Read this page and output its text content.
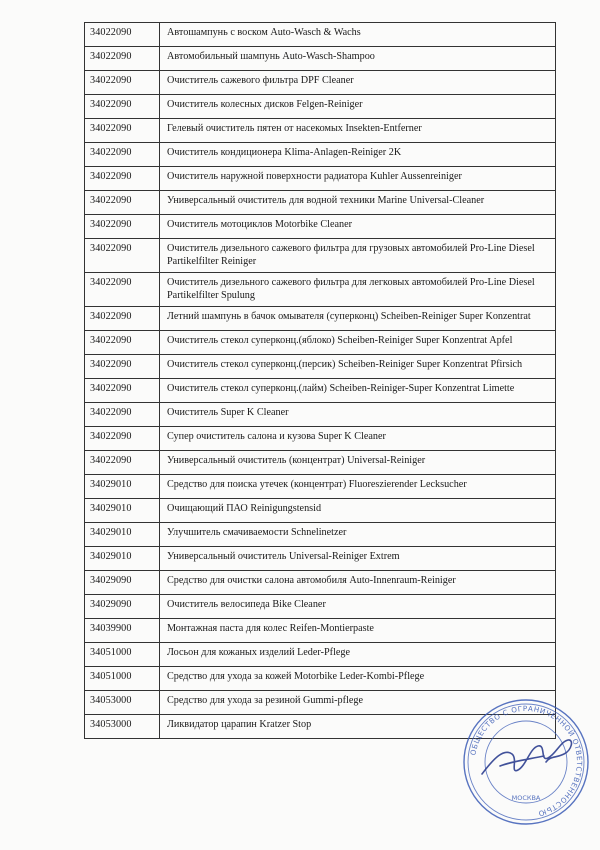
34022090	Автошампунь с воском Auto-Wasch & Wachs
34022090	Автомобильный шампунь Auto-Wasch-Shampoo
34022090	Очиститель сажевого фильтра DPF Cleaner
34022090	Очиститель колесных дисков Felgen-Reiniger
34022090	Гелевый очиститель пятен от насекомых Insekten-Entferner
34022090	Очиститель кондиционера Klima-Anlagen-Reiniger 2K
34022090	Очиститель наружной поверхности радиатора Kuhler Aussenreiniger
34022090	Универсальный очиститель для водной техники Marine Universal-Cleaner
34022090	Очиститель мотоциклов Motorbike Cleaner
34022090	Очиститель дизельного сажевого фильтра для грузовых автомобилей Pro-Line Diesel Partikelfilter Reiniger
34022090	Очиститель дизельного сажевого фильтра для легковых автомобилей Pro-Line Diesel Partikelfilter Spulung
34022090	Летний шампунь в бачок омывателя (суперконц) Scheiben-Reiniger Super Konzentrat
34022090	Очиститель стекол суперконц.(яблоко) Scheiben-Reiniger Super Konzentrat Apfel
34022090	Очиститель стекол суперконц.(персик) Scheiben-Reiniger Super Konzentrat Pfirsich
34022090	Очиститель стекол суперконц.(лайм) Scheiben-Reiniger-Super Konzentrat Limette
34022090	Очиститель Super K Cleaner
34022090	Супер очиститель салона и кузова Super K Cleaner
34022090	Универсальный очиститель (концентрат) Universal-Reiniger
34029010	Средство для поиска утечек (концентрат) Fluoreszierender Lecksucher
34029010	Очищающий ПАО Reinigungstensid
34029010	Улучшитель смачиваемости Schnelinetzer
34029010	Универсальный очиститель Universal-Reiniger Extrem
34029090	Средство для очистки салона автомобиля Auto-Innenraum-Reiniger
34029090	Очиститель велосипеда Bike Cleaner
34039900	Монтажная паста для колес Reifen-Montierpaste
34051000	Лосьон для кожаных изделий Leder-Pflege
34051000	Средство для ухода за кожей Motorbike Leder-Kombi-Pflege
34053000	Средство для ухода за резиной Gummi-pflege
34053000	Ликвидатор царапин Kratzer Stop
ОБЩЕСТВО С ОГРАНИЧЕННОЙ ОТВЕТСТВЕННОСТЬЮ
МОСКВА
